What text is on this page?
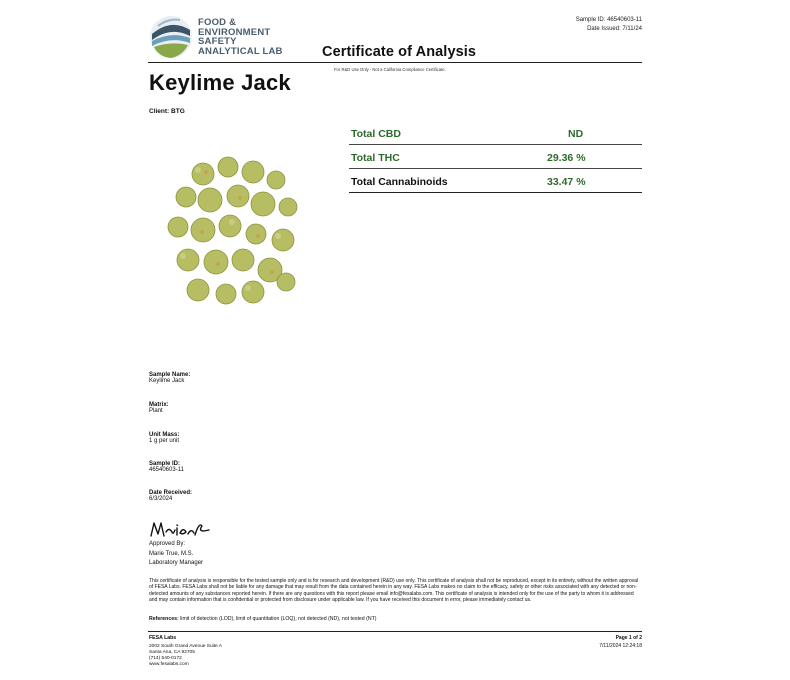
FOOD &
ENVIRONMENT
SAFETY
ANALYTICAL LAB
Sample ID: 46540603-11
Date Issued: 7/11/24
Certificate of Analysis
For R&D Use Only - Not a California Compliance Certificate.
Keylime Jack
Client: BTG
Total CBD	ND
Total THC	29.36 %
Total Cannabinoids	33.47 %
Sample Name:
Keylime Jack
Matrix:
Plant
Unit Mass:
1 g per unit
Sample ID:
46540603-11
Date Received:
6/3/2024
Approved By:
Marie True, M.S.
Laboratory Manager
This certificate of analysis is responsible for the tested sample only and is for research and development (R&D) use only. This certificate of analysis shall not be reproduced, except in its entirety, without the written approval of FESA Labs. FESA Labs shall not be liable for any damage that may result from the data contained herein in any way. FESA Labs makes no claim to the efficacy, safety or other risks associated with any detected or non-detected amounts of any substances reported herein. If there are any questions with this report please email info@fesalabs.com. This certificate of analysis is intended only for the use of the party to whom it is addressed and may contain information that is confidential or protected from disclosure under applicable law. If you have received this document in error, please immediately contact us.
References: limit of detection (LOD), limit of quantitation (LOQ), not detected (ND), not tested (NT)
FESA Labs
2002 South Grand Avenue Suite A
Santa Ana, CA 92705
(714) 540-0172
www.fesalabs.com
Page 1 of 2
7/11/2024 12:24:18
